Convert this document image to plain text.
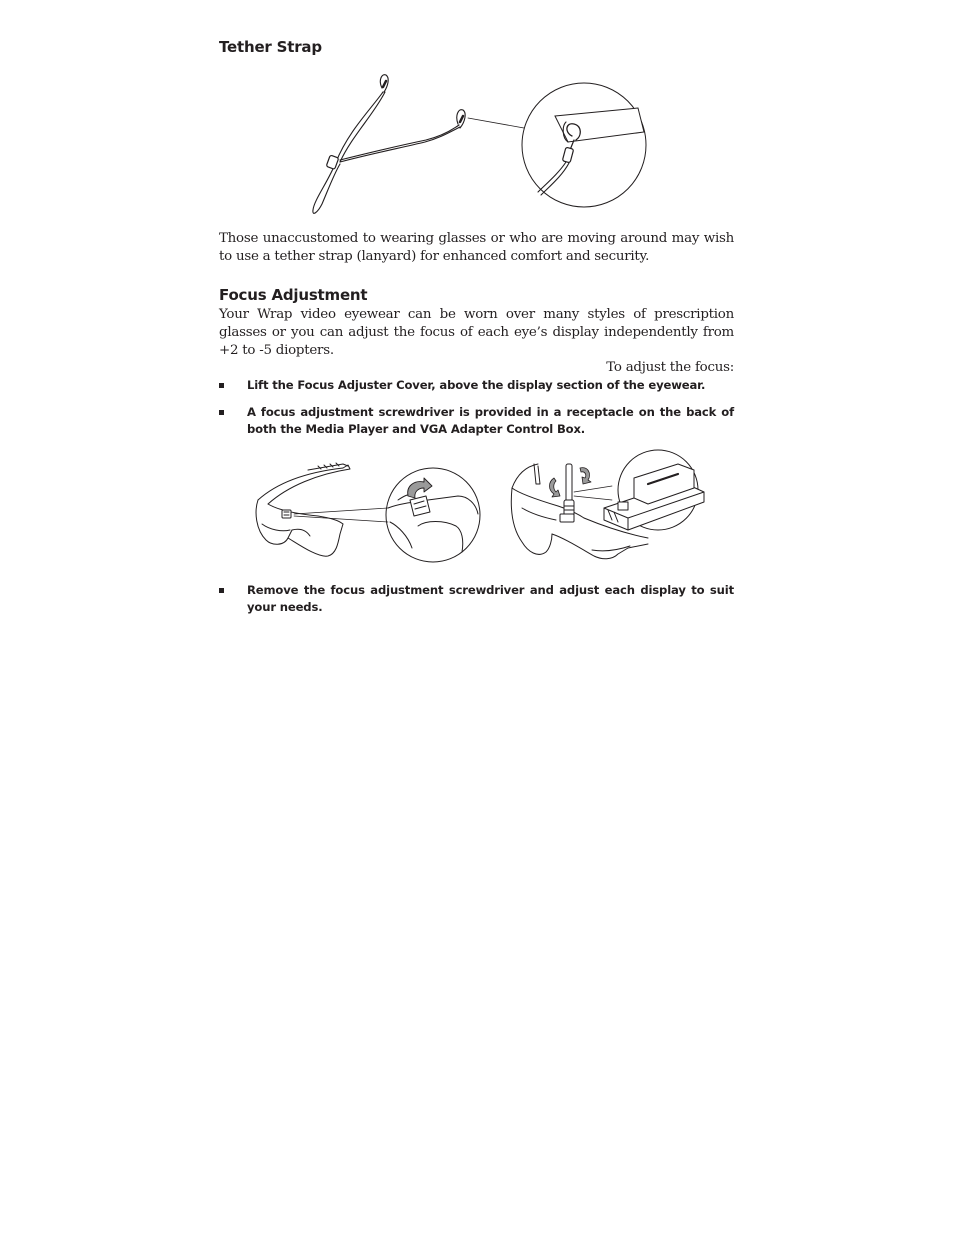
Tether Strap

Those unaccustomed to wearing glasses or who are moving around may wish to use a tether strap (lanyard) for enhanced comfort and security.

Focus Adjustment

Your Wrap video eyewear can be worn over many styles of prescription glasses or you can adjust the focus of each eye’s display independently from +2 to -5 diopters.

To adjust the focus:

Lift the Focus Adjuster Cover, above the display section of the eyewear.
A focus adjustment screwdriver is provided in a receptacle on the back of both the Media Player and VGA Adapter Control Box.
Remove the focus adjustment screwdriver and adjust each display to suit your needs.
